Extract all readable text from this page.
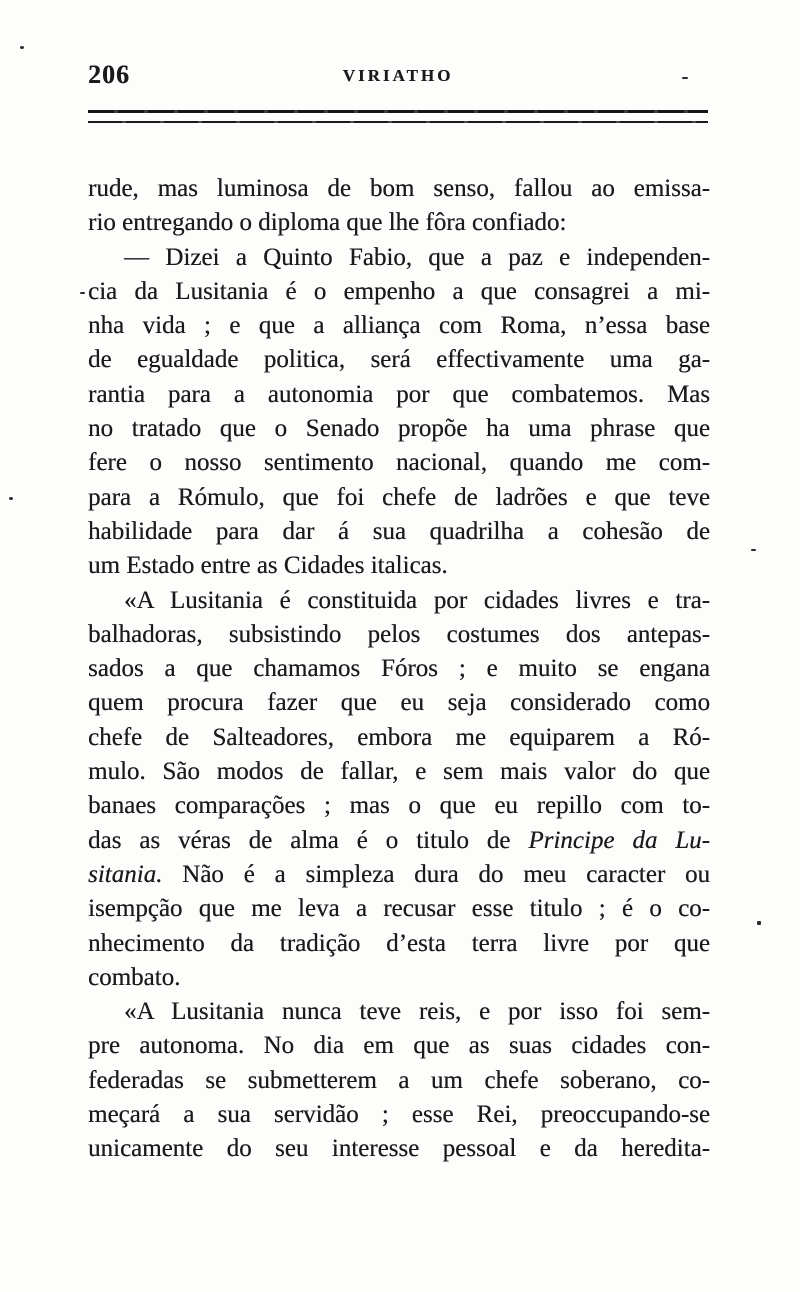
206	VIRIATHO
rude, mas luminosa de bom senso, fallou ao emissa-
rio entregando o diploma que lhe fôra confiado:
— Dizei a Quinto Fabio, que a paz e independen-
cia da Lusitania é o empenho a que consagrei a mi-
nha vida ; e que a alliança com Roma, n’essa base
de egualdade politica, será effectivamente uma ga-
rantia para a autonomia por que combatemos. Mas
no tratado que o Senado propõe ha uma phrase que
fere o nosso sentimento nacional, quando me com-
para a Rómulo, que foi chefe de ladrões e que teve
habilidade para dar á sua quadrilha a cohesão de
um Estado entre as Cidades italicas.
«A Lusitania é constituida por cidades livres e tra-
balhadoras, subsistindo pelos costumes dos antepas-
sados a que chamamos Fóros ; e muito se engana
quem procura fazer que eu seja considerado como
chefe de Salteadores, embora me equiparem a Ró-
mulo. São modos de fallar, e sem mais valor do que
banaes comparações ; mas o que eu repillo com to-
das as véras de alma é o titulo de Principe da Lu-
sitania. Não é a simpleza dura do meu caracter ou
isempção que me leva a recusar esse titulo ; é o co-
nhecimento da tradição d’esta terra livre por que
combato.
«A Lusitania nunca teve reis, e por isso foi sem-
pre autonoma. No dia em que as suas cidades con-
federadas se submetterem a um chefe soberano, co-
meçará a sua servidão ; esse Rei, preoccupando-se
unicamente do seu interesse pessoal e da heredita-
